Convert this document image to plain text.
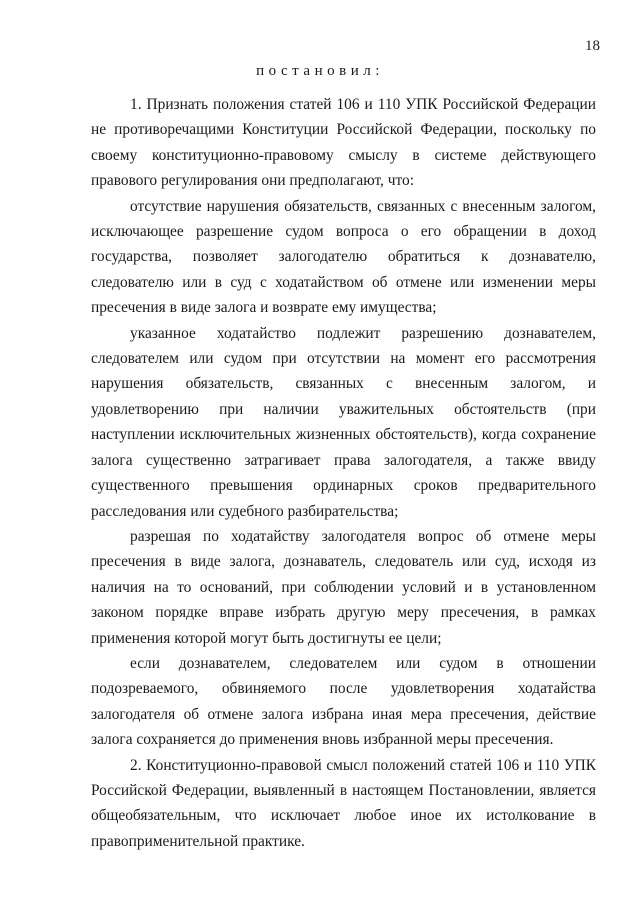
18
постановил:

1. Признать положения статей 106 и 110 УПК Российской Федерации не противоречащими Конституции Российской Федерации, поскольку по своему конституционно-правовому смыслу в системе действующего правового регулирования они предполагают, что:

отсутствие нарушения обязательств, связанных с внесенным залогом, исключающее разрешение судом вопроса о его обращении в доход государства, позволяет залогодателю обратиться к дознавателю, следователю или в суд с ходатайством об отмене или изменении меры пресечения в виде залога и возврате ему имущества;

указанное ходатайство подлежит разрешению дознавателем, следователем или судом при отсутствии на момент его рассмотрения нарушения обязательств, связанных с внесенным залогом, и удовлетворению при наличии уважительных обстоятельств (при наступлении исключительных жизненных обстоятельств), когда сохранение залога существенно затрагивает права залогодателя, а также ввиду существенного превышения ординарных сроков предварительного расследования или судебного разбирательства;

разрешая по ходатайству залогодателя вопрос об отмене меры пресечения в виде залога, дознаватель, следователь или суд, исходя из наличия на то оснований, при соблюдении условий и в установленном законом порядке вправе избрать другую меру пресечения, в рамках применения которой могут быть достигнуты ее цели;

если дознавателем, следователем или судом в отношении подозреваемого, обвиняемого после удовлетворения ходатайства залогодателя об отмене залога избрана иная мера пресечения, действие залога сохраняется до применения вновь избранной меры пресечения.

2. Конституционно-правовой смысл положений статей 106 и 110 УПК Российской Федерации, выявленный в настоящем Постановлении, является общеобязательным, что исключает любое иное их истолкование в правоприменительной практике.
